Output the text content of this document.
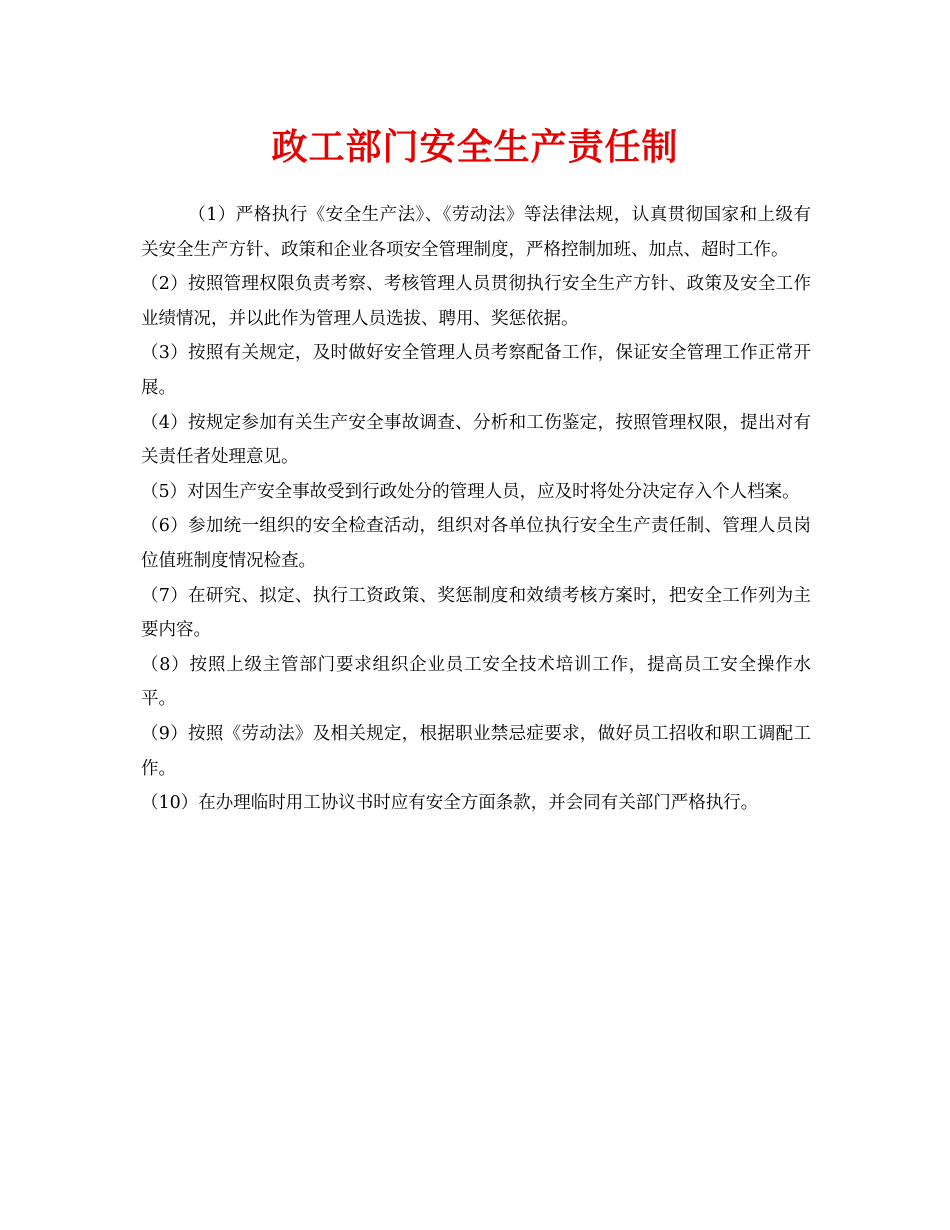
政工部门安全生产责任制

（1）严格执行《安全生产法》、《劳动法》等法律法规，认真贯彻国家和上级有关安全生产方针、政策和企业各项安全管理制度，严格控制加班、加点、超时工作。

（2）按照管理权限负责考察、考核管理人员贯彻执行安全生产方针、政策及安全工作业绩情况，并以此作为管理人员选拔、聘用、奖惩依据。

（3）按照有关规定，及时做好安全管理人员考察配备工作，保证安全管理工作正常开展。

（4）按规定参加有关生产安全事故调查、分析和工伤鉴定，按照管理权限，提出对有关责任者处理意见。

（5）对因生产安全事故受到行政处分的管理人员，应及时将处分决定存入个人档案。

（6）参加统一组织的安全检查活动，组织对各单位执行安全生产责任制、管理人员岗位值班制度情况检查。

（7）在研究、拟定、执行工资政策、奖惩制度和效绩考核方案时，把安全工作列为主要内容。

（8）按照上级主管部门要求组织企业员工安全技术培训工作，提高员工安全操作水平。

（9）按照《劳动法》及相关规定，根据职业禁忌症要求，做好员工招收和职工调配工作。

（10）在办理临时用工协议书时应有安全方面条款，并会同有关部门严格执行。
